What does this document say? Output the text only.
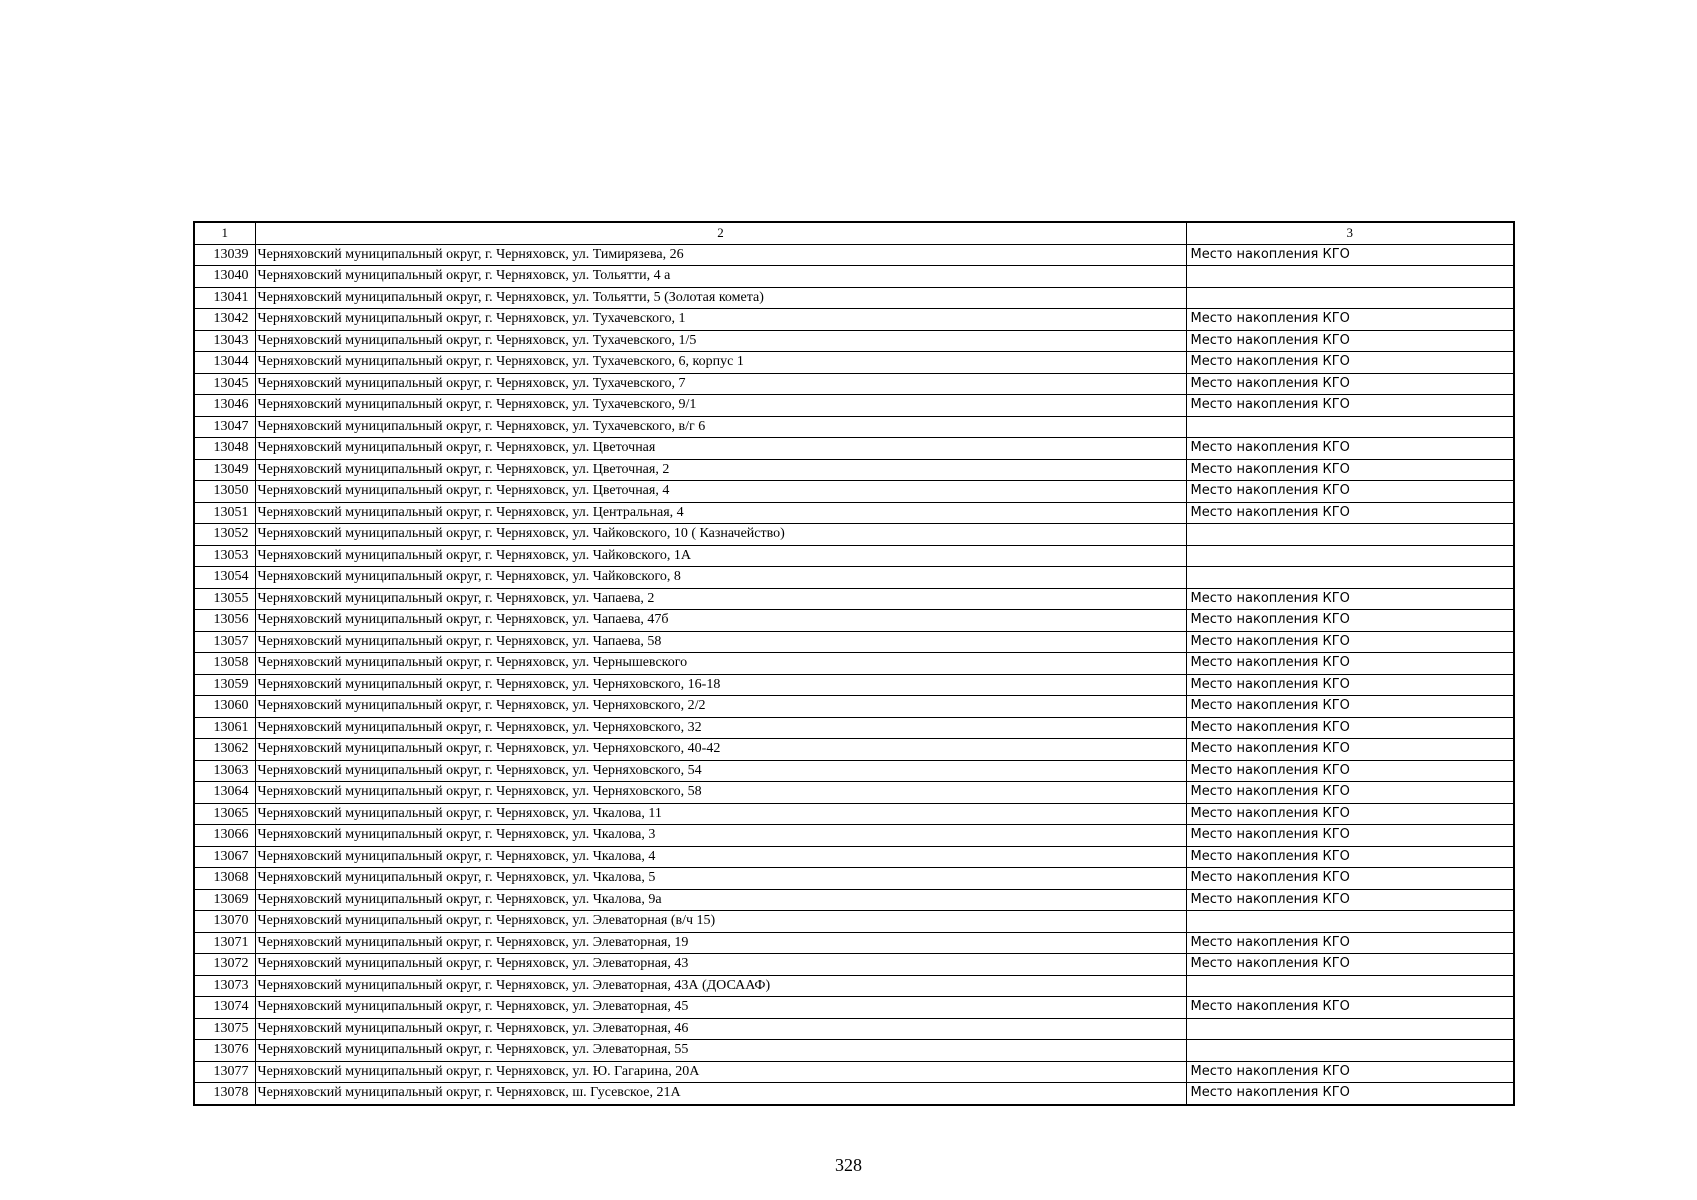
1	2	3
13039	Черняховский муниципальный округ, г. Черняховск, ул. Тимирязева, 26	Место накопления КГО
13040	Черняховский муниципальный округ, г. Черняховск, ул. Тольятти, 4 а	
13041	Черняховский муниципальный округ, г. Черняховск, ул. Тольятти, 5 (Золотая комета)	
13042	Черняховский муниципальный округ, г. Черняховск, ул. Тухачевского, 1	Место накопления КГО
13043	Черняховский муниципальный округ, г. Черняховск, ул. Тухачевского, 1/5	Место накопления КГО
13044	Черняховский муниципальный округ, г. Черняховск, ул. Тухачевского, 6, корпус 1	Место накопления КГО
13045	Черняховский муниципальный округ, г. Черняховск, ул. Тухачевского, 7	Место накопления КГО
13046	Черняховский муниципальный округ, г. Черняховск, ул. Тухачевского, 9/1	Место накопления КГО
13047	Черняховский муниципальный округ, г. Черняховск, ул. Тухачевского, в/г 6	
13048	Черняховский муниципальный округ, г. Черняховск, ул. Цветочная	Место накопления КГО
13049	Черняховский муниципальный округ, г. Черняховск, ул. Цветочная, 2	Место накопления КГО
13050	Черняховский муниципальный округ, г. Черняховск, ул. Цветочная, 4	Место накопления КГО
13051	Черняховский муниципальный округ, г. Черняховск, ул. Центральная, 4	Место накопления КГО
13052	Черняховский муниципальный округ, г. Черняховск, ул. Чайковского, 10 ( Казначейство)	
13053	Черняховский муниципальный округ, г. Черняховск, ул. Чайковского, 1А	
13054	Черняховский муниципальный округ, г. Черняховск, ул. Чайковского, 8	
13055	Черняховский муниципальный округ, г. Черняховск, ул. Чапаева, 2	Место накопления КГО
13056	Черняховский муниципальный округ, г. Черняховск, ул. Чапаева, 47б	Место накопления КГО
13057	Черняховский муниципальный округ, г. Черняховск, ул. Чапаева, 58	Место накопления КГО
13058	Черняховский муниципальный округ, г. Черняховск, ул. Чернышевского	Место накопления КГО
13059	Черняховский муниципальный округ, г. Черняховск, ул. Черняховского, 16-18	Место накопления КГО
13060	Черняховский муниципальный округ, г. Черняховск, ул. Черняховского, 2/2	Место накопления КГО
13061	Черняховский муниципальный округ, г. Черняховск, ул. Черняховского, 32	Место накопления КГО
13062	Черняховский муниципальный округ, г. Черняховск, ул. Черняховского, 40-42	Место накопления КГО
13063	Черняховский муниципальный округ, г. Черняховск, ул. Черняховского, 54	Место накопления КГО
13064	Черняховский муниципальный округ, г. Черняховск, ул. Черняховского, 58	Место накопления КГО
13065	Черняховский муниципальный округ, г. Черняховск, ул. Чкалова, 11	Место накопления КГО
13066	Черняховский муниципальный округ, г. Черняховск, ул. Чкалова, 3	Место накопления КГО
13067	Черняховский муниципальный округ, г. Черняховск, ул. Чкалова, 4	Место накопления КГО
13068	Черняховский муниципальный округ, г. Черняховск, ул. Чкалова, 5	Место накопления КГО
13069	Черняховский муниципальный округ, г. Черняховск, ул. Чкалова, 9а	Место накопления КГО
13070	Черняховский муниципальный округ, г. Черняховск, ул. Элеваторная (в/ч 15)	
13071	Черняховский муниципальный округ, г. Черняховск, ул. Элеваторная, 19	Место накопления КГО
13072	Черняховский муниципальный округ, г. Черняховск, ул. Элеваторная, 43	Место накопления КГО
13073	Черняховский муниципальный округ, г. Черняховск, ул. Элеваторная, 43А (ДОСААФ)	
13074	Черняховский муниципальный округ, г. Черняховск, ул. Элеваторная, 45	Место накопления КГО
13075	Черняховский муниципальный округ, г. Черняховск, ул. Элеваторная, 46	
13076	Черняховский муниципальный округ, г. Черняховск, ул. Элеваторная, 55	
13077	Черняховский муниципальный округ, г. Черняховск, ул. Ю. Гагарина, 20А	Место накопления КГО
13078	Черняховский муниципальный округ, г. Черняховск, ш. Гусевское, 21А	Место накопления КГО
328
